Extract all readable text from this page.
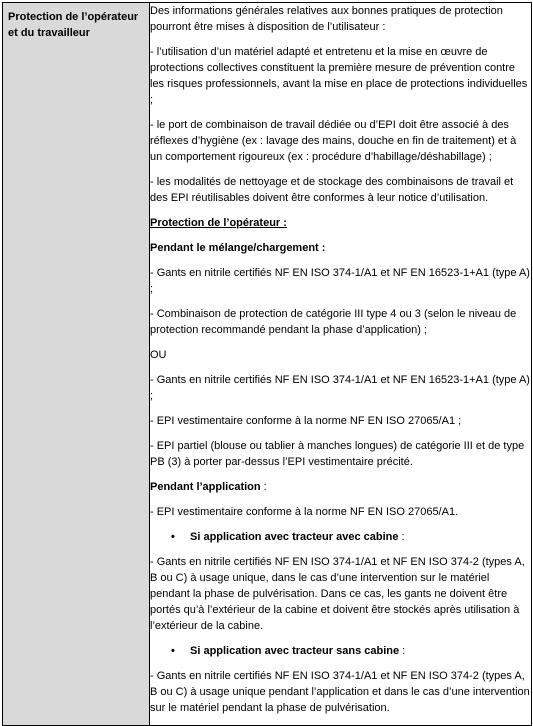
Protection de l’opérateur et du travailleur

Des informations générales relatives aux bonnes pratiques de protection pourront être mises à disposition de l’utilisateur :
- l’utilisation d’un matériel adapté et entretenu et la mise en œuvre de protections collectives constituent la première mesure de prévention contre les risques professionnels, avant la mise en place de protections individuelles ;
- le port de combinaison de travail dédiée ou d’EPI doit être associé à des réflexes d’hygiène (ex : lavage des mains, douche en fin de traitement) et à un comportement rigoureux (ex : procédure d’habillage/déshabillage) ;
- les modalités de nettoyage et de stockage des combinaisons de travail et des EPI réutilisables doivent être conformes à leur notice d’utilisation.
Protection de l’opérateur :
Pendant le mélange/chargement :
- Gants en nitrile certifiés NF EN ISO 374-1/A1 et NF EN 16523-1+A1 (type A) ;
- Combinaison de protection de catégorie III type 4 ou 3 (selon le niveau de protection recommandé pendant la phase d’application) ;
OU
- Gants en nitrile certifiés NF EN ISO 374-1/A1 et NF EN 16523-1+A1 (type A) ;
- EPI vestimentaire conforme à la norme NF EN ISO 27065/A1 ;
- EPI partiel (blouse ou tablier à manches longues) de catégorie III et de type PB (3) à porter par-dessus l’EPI vestimentaire précité.
Pendant l’application :
- EPI vestimentaire conforme à la norme NF EN ISO 27065/A1.
• Si application avec tracteur avec cabine :
- Gants en nitrile certifiés NF EN ISO 374-1/A1 et NF EN ISO 374-2 (types A, B ou C) à usage unique, dans le cas d’une intervention sur le matériel pendant la phase de pulvérisation. Dans ce cas, les gants ne doivent être portés qu’à l’extérieur de la cabine et doivent être stockés après utilisation à l’extérieur de la cabine.
• Si application avec tracteur sans cabine :
- Gants en nitrile certifiés NF EN ISO 374-1/A1 et NF EN ISO 374-2 (types A, B ou C) à usage unique pendant l’application et dans le cas d’une intervention sur le matériel pendant la phase de pulvérisation.
